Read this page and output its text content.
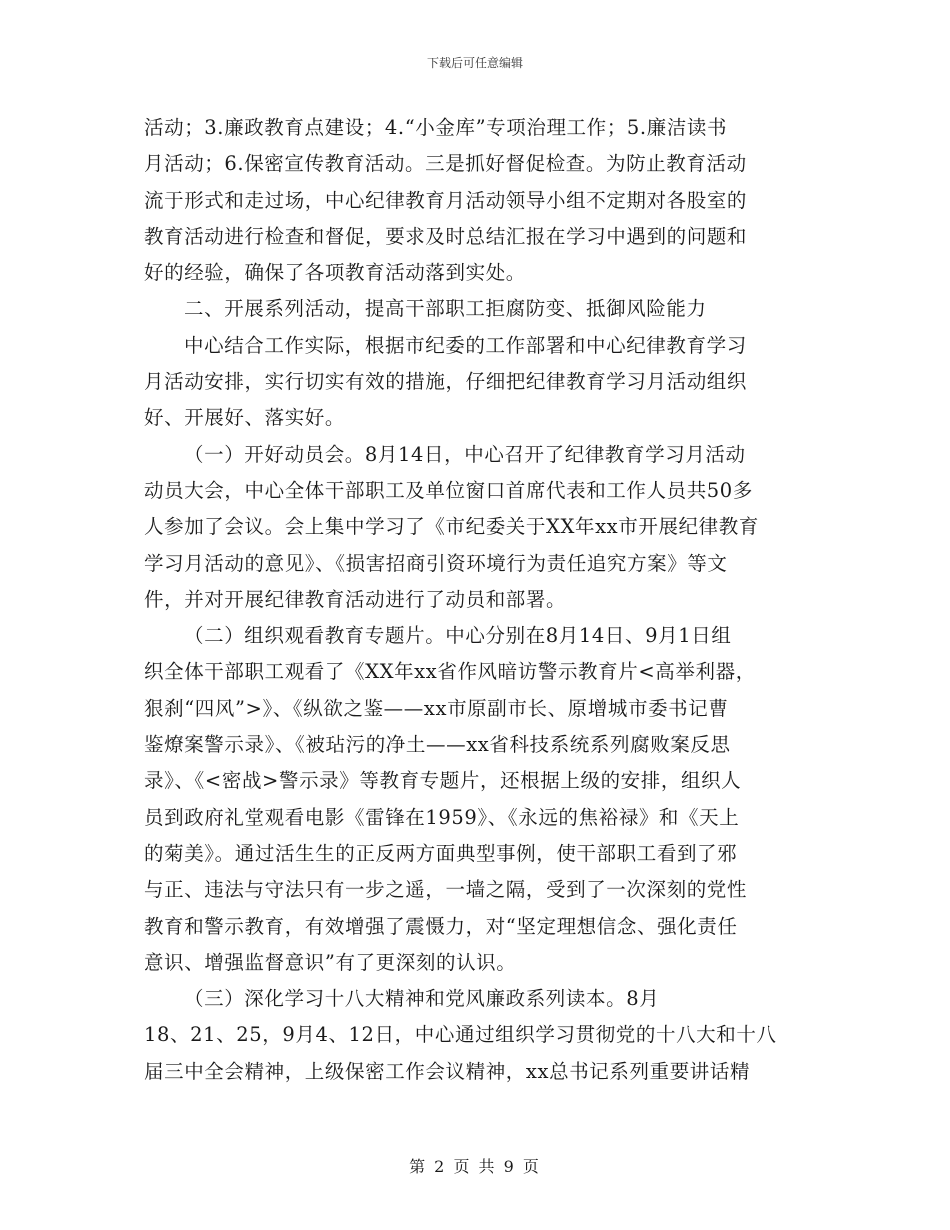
下载后可任意编辑
活动；3.廉政教育点建设；4.“小金库”专项治理工作；5.廉洁读书
月活动；6.保密宣传教育活动。三是抓好督促检查。为防止教育活动
流于形式和走过场，中心纪律教育月活动领导小组不定期对各股室的
教育活动进行检查和督促，要求及时总结汇报在学习中遇到的问题和
好的经验，确保了各项教育活动落到实处。
二、开展系列活动，提高干部职工拒腐防变、抵御风险能力
中心结合工作实际，根据市纪委的工作部署和中心纪律教育学习
月活动安排，实行切实有效的措施，仔细把纪律教育学习月活动组织
好、开展好、落实好。
（一）开好动员会。8月14日，中心召开了纪律教育学习月活动
动员大会，中心全体干部职工及单位窗口首席代表和工作人员共50多
人参加了会议。会上集中学习了《市纪委关于XX年xx市开展纪律教育
学习月活动的意见》、《损害招商引资环境行为责任追究方案》等文
件，并对开展纪律教育活动进行了动员和部署。
（二）组织观看教育专题片。中心分别在8月14日、9月1日组
织全体干部职工观看了《XX年xx省作风暗访警示教育片<高举利器，
狠刹“四风”>》、《纵欲之鉴——xx市原副市长、原增城市委书记曹
鉴燎案警示录》、《被玷污的净土——xx省科技系统系列腐败案反思
录》、《<密战>警示录》等教育专题片，还根据上级的安排，组织人
员到政府礼堂观看电影《雷锋在1959》、《永远的焦裕禄》和《天上
的菊美》。通过活生生的正反两方面典型事例，使干部职工看到了邪
与正、违法与守法只有一步之遥，一墙之隔，受到了一次深刻的党性
教育和警示教育，有效增强了震慑力，对“坚定理想信念、强化责任
意识、增强监督意识”有了更深刻的认识。
（三）深化学习十八大精神和党风廉政系列读本。8月
18、21、25，9月4、12日，中心通过组织学习贯彻党的十八大和十八
届三中全会精神，上级保密工作会议精神，xx总书记系列重要讲话精
第 2 页 共 9 页
